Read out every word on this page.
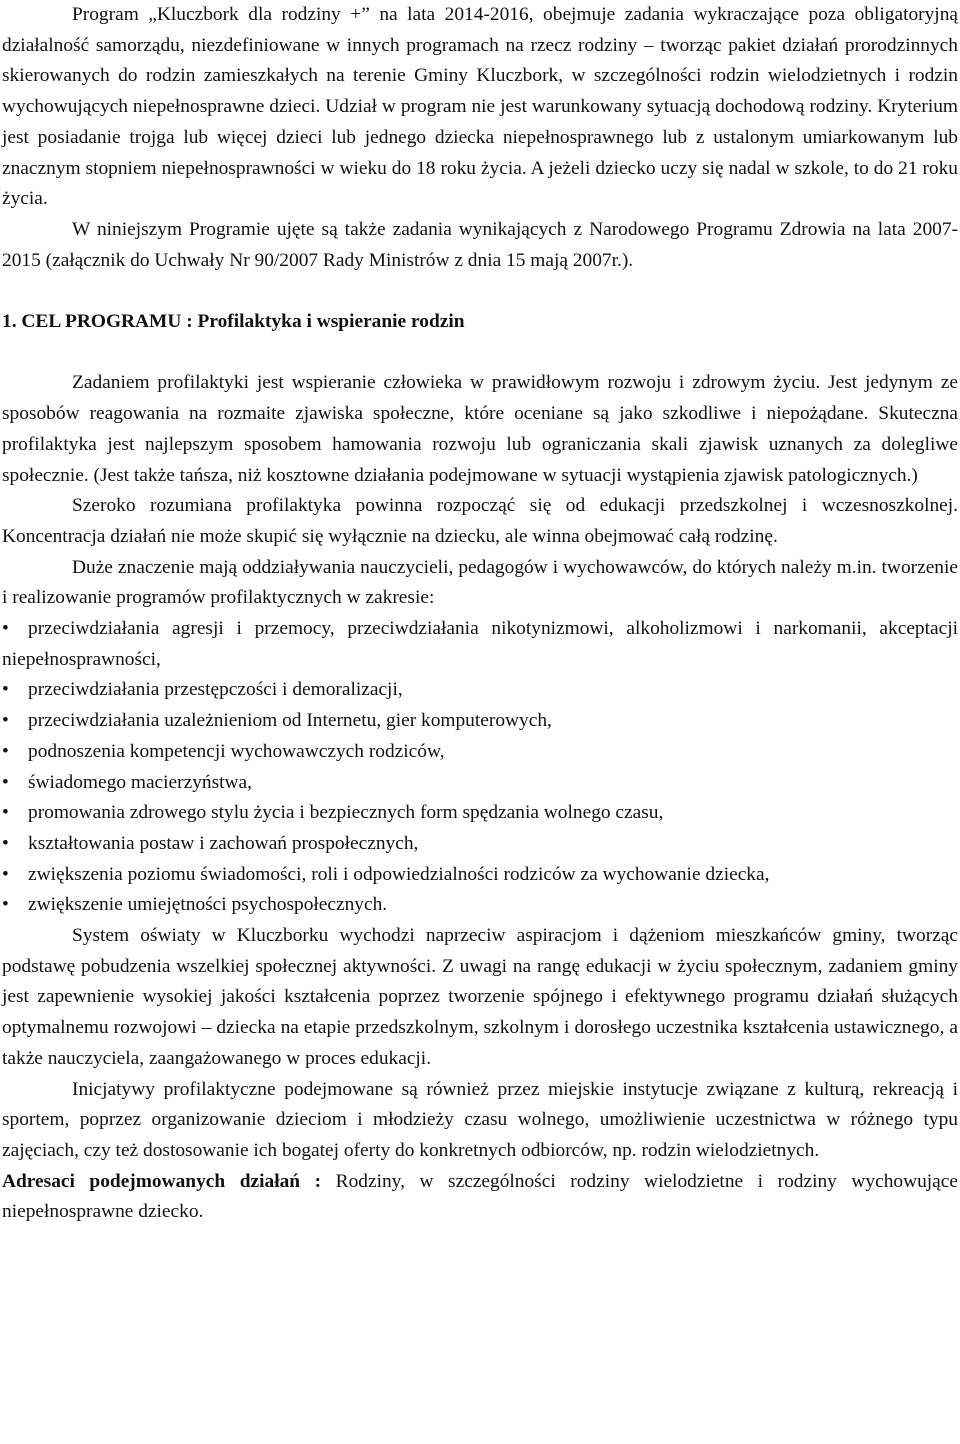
Program „Kluczbork dla rodziny +” na lata 2014-2016, obejmuje zadania wykraczające poza obligatoryjną działalność samorządu, niezdefiniowane w innych programach na rzecz rodziny – tworząc pakiet działań prorodzinnych skierowanych do rodzin zamieszkałych na terenie Gminy Kluczbork, w szczególności rodzin wielodzietnych i rodzin wychowujących niepełnosprawne dzieci. Udział w program nie jest warunkowany sytuacją dochodową rodziny. Kryterium jest posiadanie trojga lub więcej dzieci lub jednego dziecka niepełnosprawnego lub z ustalonym umiarkowanym lub znacznym stopniem niepełnosprawności w wieku do 18 roku życia. A jeżeli dziecko uczy się nadal w szkole, to do 21 roku życia.

W niniejszym Programie ujęte są także zadania wynikających z Narodowego Programu Zdrowia na lata 2007-2015 (załącznik do Uchwały Nr 90/2007 Rady Ministrów z dnia 15 mają 2007r.).

1. CEL PROGRAMU : Profilaktyka i wspieranie rodzin

Zadaniem profilaktyki jest wspieranie człowieka w prawidłowym rozwoju i zdrowym życiu. Jest jedynym ze sposobów reagowania na rozmaite zjawiska społeczne, które oceniane są jako szkodliwe i niepożądane. Skuteczna profilaktyka jest najlepszym sposobem hamowania rozwoju lub ograniczania skali zjawisk uznanych za dolegliwe społecznie. (Jest także tańsza, niż kosztowne działania podejmowane w sytuacji wystąpienia zjawisk patologicznych.)

Szeroko rozumiana profilaktyka powinna rozpocząć się od edukacji przedszkolnej i wczesnoszkolnej. Koncentracja działań nie może skupić się wyłącznie na dziecku, ale winna obejmować całą rodzinę.

Duże znaczenie mają oddziaływania nauczycieli, pedagogów i wychowawców, do których należy m.in. tworzenie i realizowanie programów profilaktycznych w zakresie:

• przeciwdziałania agresji i przemocy, przeciwdziałania nikotynizmowi, alkoholizmowi i narkomanii, akceptacji niepełnosprawności,
• przeciwdziałania przestępczości i demoralizacji,
• przeciwdziałania uzależnieniom od Internetu, gier komputerowych,
• podnoszenia kompetencji wychowawczych rodziców,
• świadomego macierzyństwa,
• promowania zdrowego stylu życia i bezpiecznych form spędzania wolnego czasu,
• kształtowania postaw i zachowań prospołecznych,
• zwiększenia poziomu świadomości, roli i odpowiedzialności rodziców za wychowanie dziecka,
• zwiększenie umiejętności psychospołecznych.

System oświaty w Kluczborku wychodzi naprzeciw aspiracjom i dążeniom mieszkańców gminy, tworząc podstawę pobudzenia wszelkiej społecznej aktywności. Z uwagi na rangę edukacji w życiu społecznym, zadaniem gminy jest zapewnienie wysokiej jakości kształcenia poprzez tworzenie spójnego i efektywnego programu działań służących optymalnemu rozwojowi – dziecka na etapie przedszkolnym, szkolnym i dorosłego uczestnika kształcenia ustawicznego, a także nauczyciela, zaangażowanego w proces edukacji.

Inicjatywy profilaktyczne podejmowane są również przez miejskie instytucje związane z kulturą, rekreacją i sportem, poprzez organizowanie dzieciom i młodzieży czasu wolnego, umożliwienie uczestnictwa w różnego typu zajęciach, czy też dostosowanie ich bogatej oferty do konkretnych odbiorców, np. rodzin wielodzietnych.

Adresaci podejmowanych działań : Rodziny, w szczególności rodziny wielodzietne i rodziny wychowujące niepełnosprawne dziecko.
